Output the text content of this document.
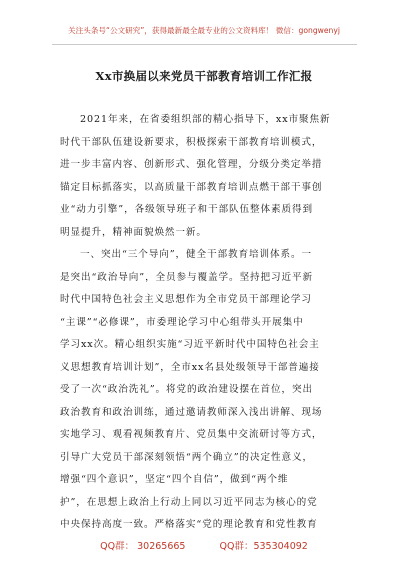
关注头条号“公文研究”，获得最新最全最专业的公文资料库！ 微信：gongwenyj
Xx市换届以来党员干部教育培训工作汇报
2021年来，在省委组织部的精心指导下，xx市聚焦新
时代干部队伍建设新要求，积极探索干部教育培训模式，
进一步丰富内容、创新形式、强化管理，分级分类定举措
锚定目标抓落实，以高质量干部教育培训点燃干部干事创
业“动力引擎”，各级领导班子和干部队伍整体素质得到
明显提升，精神面貌焕然一新。
一、突出“三个导向”，健全干部教育培训体系。一
是突出“政治导向”，全员参与覆盖学。坚持把习近平新
时代中国特色社会主义思想作为全市党员干部理论学习
“主课”“必修课”，市委理论学习中心组带头开展集中
学习xx次。精心组织实施“习近平新时代中国特色社会主
义思想教育培训计划”，全市xx名县处级领导干部普遍接
受了一次“政治洗礼”。将党的政治建设摆在首位，突出
政治教育和政治训练，通过邀请教师深入浅出讲解、现场
实地学习、观看视频教育片、党员集中交流研讨等方式，
引导广大党员干部深刻领悟“两个确立”的决定性意义，
增强“四个意识”，坚定“四个自信”，做到“两个维
护”，在思想上政治上行动上同以习近平同志为核心的党
中央保持高度一致。严格落实“党的理论教育和党性教育
QQ群： 30265665	QQ群：535304092
